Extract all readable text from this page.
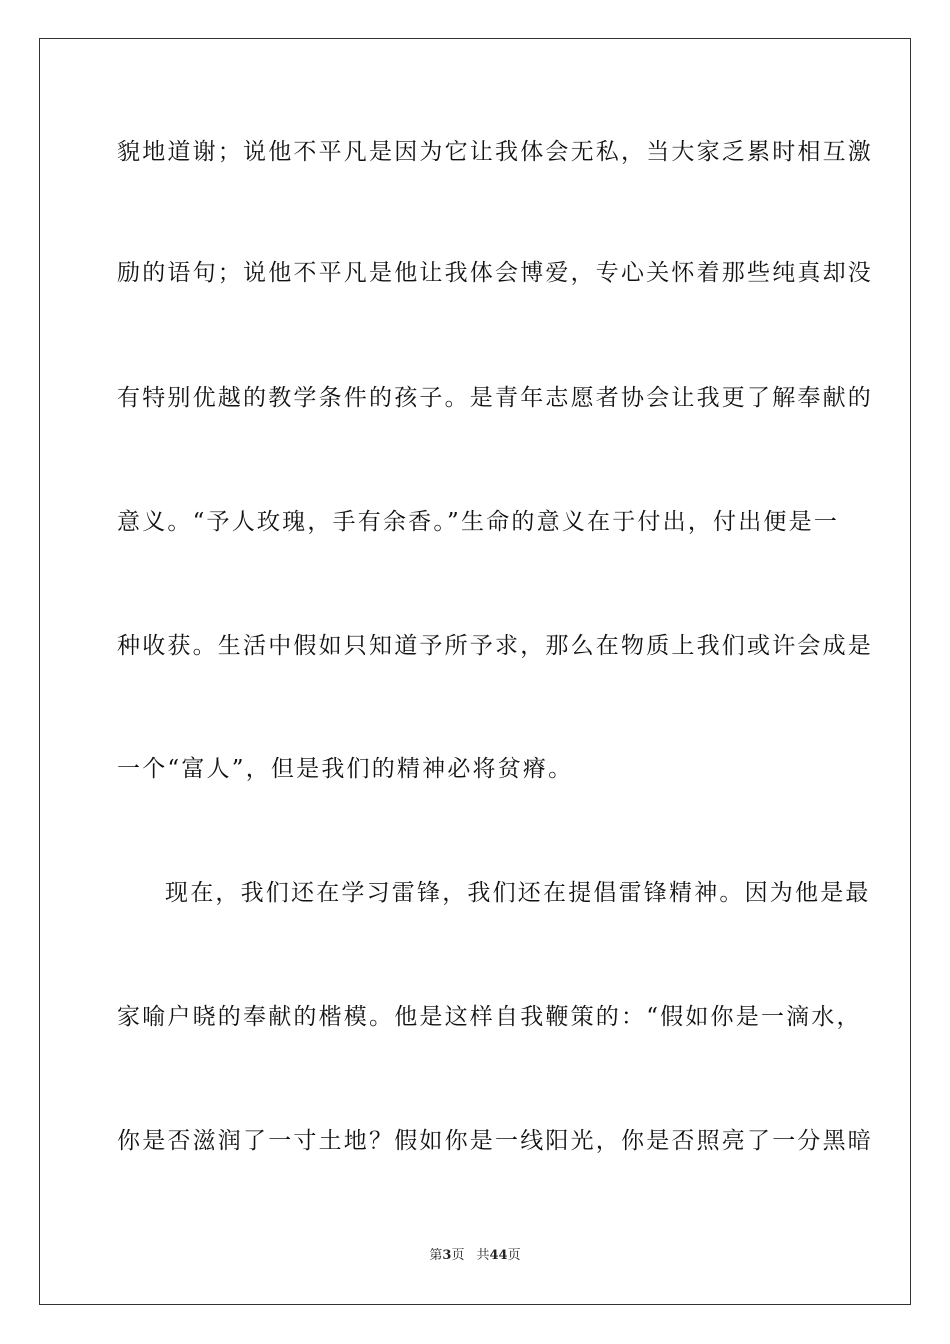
貌地道谢；说他不平凡是因为它让我体会无私，当大家乏累时相互激
励的语句；说他不平凡是他让我体会博爱，专心关怀着那些纯真却没
有特别优越的教学条件的孩子。是青年志愿者协会让我更了解奉献的
意义。“予人玫瑰，手有余香。”生命的意义在于付出，付出便是一
种收获。生活中假如只知道予所予求，那么在物质上我们或许会成是
一个“富人”，但是我们的精神必将贫瘠。
现在，我们还在学习雷锋，我们还在提倡雷锋精神。因为他是最
家喻户晓的奉献的楷模。他是这样自我鞭策的：“假如你是一滴水，
你是否滋润了一寸土地？假如你是一线阳光，你是否照亮了一分黑暗
第3页 共44页
